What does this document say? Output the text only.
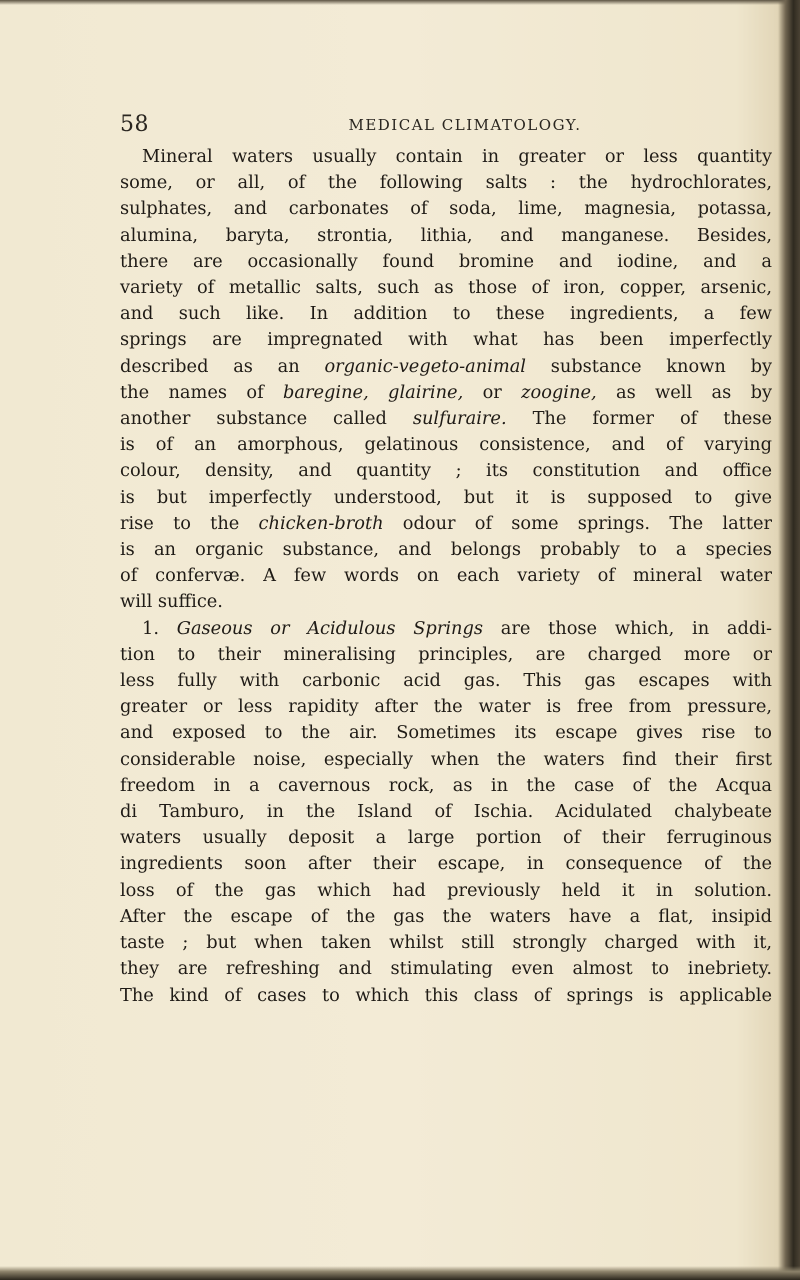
58	MEDICAL CLIMATOLOGY.
Mineral waters usually contain in greater or less quantity
some, or all, of the following salts : the hydrochlorates,
sulphates, and carbonates of soda, lime, magnesia, potassa,
alumina, baryta, strontia, lithia, and manganese. Besides,
there are occasionally found bromine and iodine, and a
variety of metallic salts, such as those of iron, copper, arsenic,
and such like. In addition to these ingredients, a few
springs are impregnated with what has been imperfectly
described as an organic-vegeto-animal substance known by
the names of baregine, glairine, or zoogine, as well as by
another substance called sulfuraire. The former of these
is of an amorphous, gelatinous consistence, and of varying
colour, density, and quantity ; its constitution and office
is but imperfectly understood, but it is supposed to give
rise to the chicken-broth odour of some springs. The latter
is an organic substance, and belongs probably to a species
of confervæ. A few words on each variety of mineral water
will suffice.
1. Gaseous or Acidulous Springs are those which, in addi-
tion to their mineralising principles, are charged more or
less fully with carbonic acid gas. This gas escapes with
greater or less rapidity after the water is free from pressure,
and exposed to the air. Sometimes its escape gives rise to
considerable noise, especially when the waters find their first
freedom in a cavernous rock, as in the case of the Acqua
di Tamburo, in the Island of Ischia. Acidulated chalybeate
waters usually deposit a large portion of their ferruginous
ingredients soon after their escape, in consequence of the
loss of the gas which had previously held it in solution.
After the escape of the gas the waters have a flat, insipid
taste ; but when taken whilst still strongly charged with it,
they are refreshing and stimulating even almost to inebriety.
The kind of cases to which this class of springs is applicable
